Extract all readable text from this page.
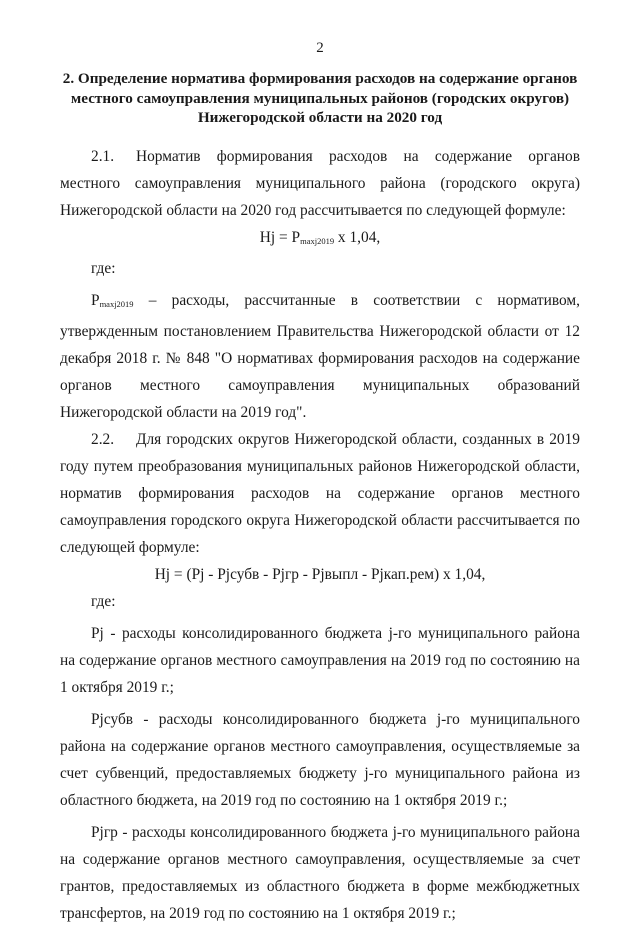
2
2. Определение норматива формирования расходов на содержание органов местного самоуправления муниципальных районов (городских округов) Нижегородской области на 2020 год

2.1. Норматив формирования расходов на содержание органов местного самоуправления муниципального района (городского округа) Нижегородской области на 2020 год рассчитывается по следующей формуле:

$Hj = P_{maxj2019}$ x 1,04,

где:

$P_{maxj2019}$ – расходы, рассчитанные в соответствии с нормативом, утвержденным постановлением Правительства Нижегородской области от 12 декабря 2018 г. № 848 "О нормативах формирования расходов на содержание органов местного самоуправления муниципальных образований Нижегородской области на 2019 год".

2.2. Для городских округов Нижегородской области, созданных в 2019 году путем преобразования муниципальных районов Нижегородской области, норматив формирования расходов на содержание органов местного самоуправления городского округа Нижегородской области рассчитывается по следующей формуле:

Hj = (Pj - Pjсубв - Pjгр - Pjвыпл - Pjкап.рем) x 1,04,

где:

Pj - расходы консолидированного бюджета j-го муниципального района на содержание органов местного самоуправления на 2019 год по состоянию на 1 октября 2019 г.;

Pjсубв - расходы консолидированного бюджета j-го муниципального района на содержание органов местного самоуправления, осуществляемые за счет субвенций, предоставляемых бюджету j-го муниципального района из областного бюджета, на 2019 год по состоянию на 1 октября 2019 г.;

Pjгр - расходы консолидированного бюджета j-го муниципального района на содержание органов местного самоуправления, осуществляемые за счет грантов, предоставляемых из областного бюджета в форме межбюджетных трансфертов, на 2019 год по состоянию на 1 октября 2019 г.;
